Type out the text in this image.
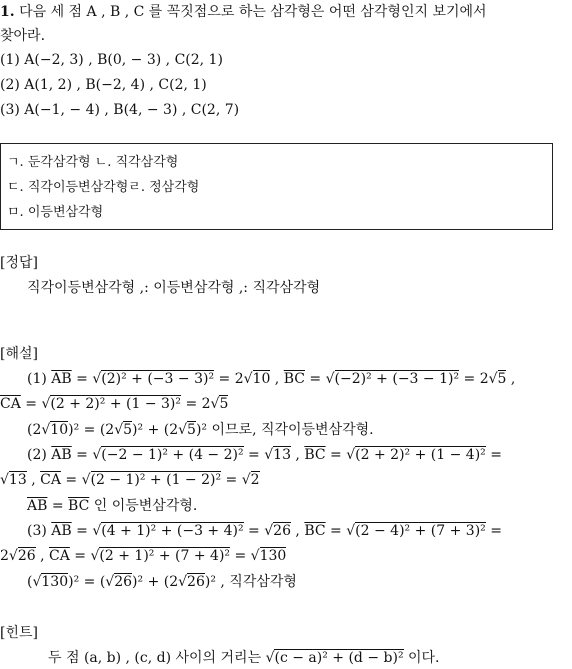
1. 다음 세 점 A , B , C 를 꼭짓점으로 하는 삼각형은 어떤 삼각형인지 보기에서
찾아라.
(1) A(−2, 3) , B(0, − 3) , C(2, 1)
(2) A(1, 2) , B(−2, 4) , C(2, 1)
(3) A(−1, − 4) , B(4, − 3) , C(2, 7)
ㄱ. 둔각삼각형 ㄴ. 직각삼각형
ㄷ. 직각이등변삼각형ㄹ. 정삼각형
ㅁ. 이등변삼각형
[정답]
직각이등변삼각형 ,: 이등변삼각형 ,: 직각삼각형
[해설]
(1) $\overline{AB}$ = √ (2)² + (−3 − 3)² = 2 √ 10 , $\overline{BC}$ = √ (−2)² + (−3 − 1)² = 2 √ 5 ,
$\overline{CA}$ = √ (2 + 2)² + (1 − 3)² = 2 √ 5
(2 √ 10)² = (2 √ 5)² + (2 √ 5)² 이므로, 직각이등변삼각형.
(2) $\overline{AB}$ = √ (−2 − 1)² + (4 − 2)² = √ 13 , $\overline{BC}$ = √ (2 + 2)² + (1 − 4)² =
√ 13 , $\overline{CA}$ = √ (2 − 1)² + (1 − 2)² = √ 2
$\overline{AB} = \overline{BC}$ 인 이등변삼각형.
(3) $\overline{AB}$ = √ (4 + 1)² + (−3 + 4)² = √ 26 , $\overline{BC}$ = √ (2 − 4)² + (7 + 3)² =
2 √ 26 , $\overline{CA}$ = √ (2 + 1)² + (7 + 4)² = √ 130
( √ 130)² = ( √ 26)² + (2 √ 26)² , 직각삼각형
[힌트]
두 점 (a, b) , (c, d) 사이의 거리는 √ (c − a)² + (d − b)² 이다.
